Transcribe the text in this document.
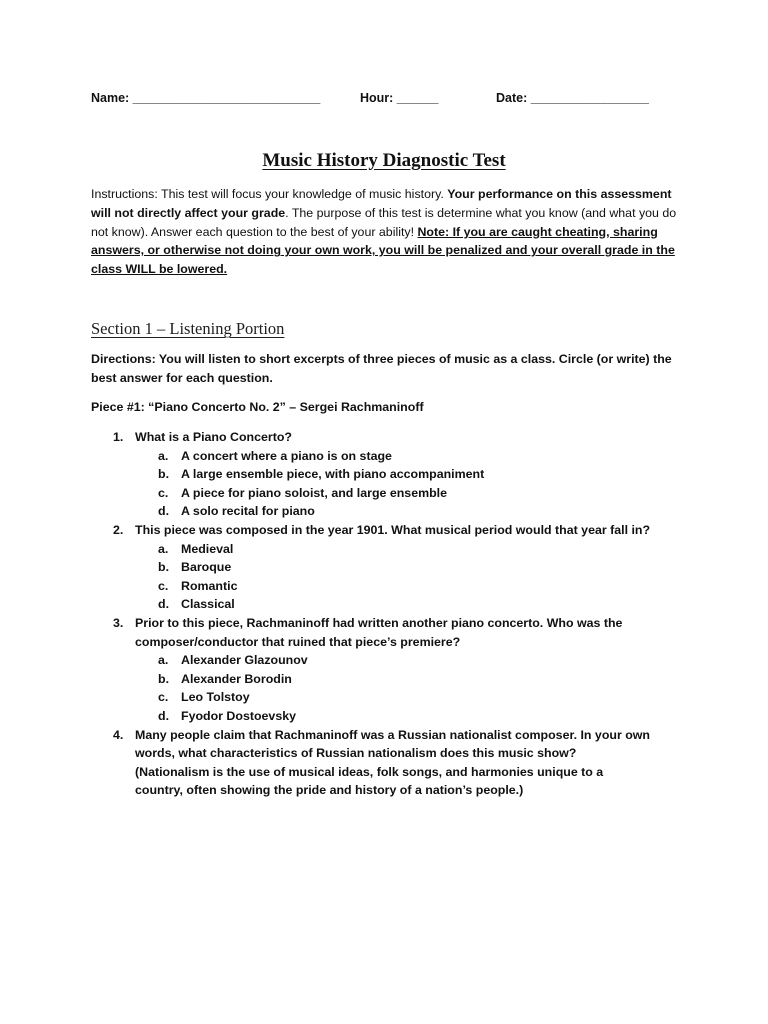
Name: ___________________________	Hour: ______	Date: _________________
Music History Diagnostic Test
Instructions: This test will focus your knowledge of music history. Your performance on this assessment will not directly affect your grade. The purpose of this test is determine what you know (and what you do not know). Answer each question to the best of your ability! Note: If you are caught cheating, sharing answers, or otherwise not doing your own work, you will be penalized and your overall grade in the class WILL be lowered.
Section 1 – Listening Portion
Directions: You will listen to short excerpts of three pieces of music as a class. Circle (or write) the best answer for each question.
Piece #1: “Piano Concerto No. 2” – Sergei Rachmaninoff
1. What is a Piano Concerto?
a. A concert where a piano is on stage
b. A large ensemble piece, with piano accompaniment
c. A piece for piano soloist, and large ensemble
d. A solo recital for piano
2. This piece was composed in the year 1901. What musical period would that year fall in?
a. Medieval
b. Baroque
c. Romantic
d. Classical
3. Prior to this piece, Rachmaninoff had written another piano concerto. Who was the composer/conductor that ruined that piece’s premiere?
a. Alexander Glazounov
b. Alexander Borodin
c. Leo Tolstoy
d. Fyodor Dostoevsky
4. Many people claim that Rachmaninoff was a Russian nationalist composer. In your own words, what characteristics of Russian nationalism does this music show? (Nationalism is the use of musical ideas, folk songs, and harmonies unique to a country, often showing the pride and history of a nation’s people.)
